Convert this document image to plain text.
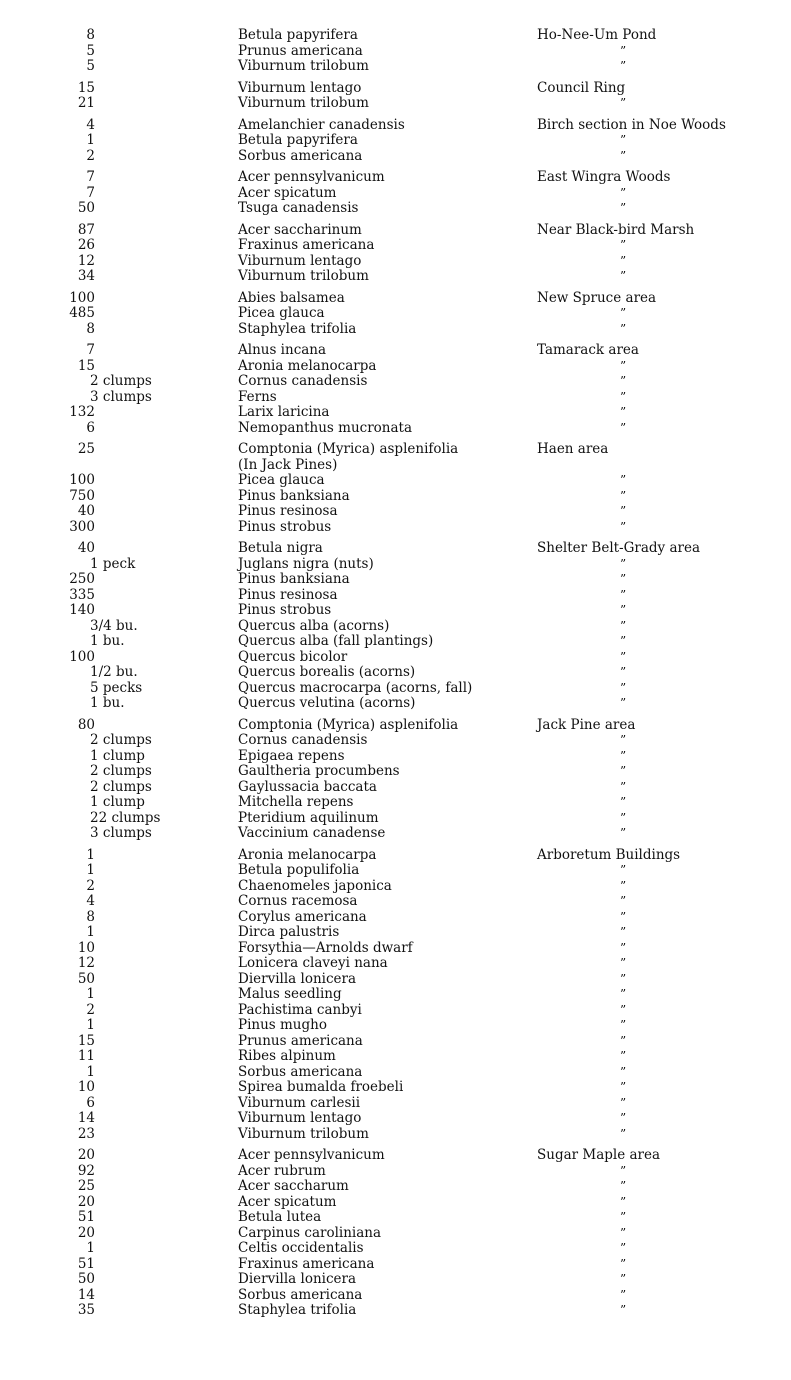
8	Betula papyrifera	Ho-Nee-Um Pond
5	Prunus americana	”
5	Viburnum trilobum	”
15	Viburnum lentago	Council Ring
21	Viburnum trilobum	”
4	Amelanchier canadensis	Birch section in Noe Woods
1	Betula papyrifera	”
2	Sorbus americana	”
7	Acer pennsylvanicum	East Wingra Woods
7	Acer spicatum	”
50	Tsuga canadensis	”
87	Acer saccharinum	Near Black-bird Marsh
26	Fraxinus americana	”
12	Viburnum lentago	”
34	Viburnum trilobum	”
100	Abies balsamea	New Spruce area
485	Picea glauca	”
8	Staphylea trifolia	”
7	Alnus incana	Tamarack area
15	Aronia melanocarpa	”
2 clumps	Cornus canadensis	”
3 clumps	Ferns	”
132	Larix laricina	”
6	Nemopanthus mucronata	”
25	Comptonia (Myrica) asplenifolia	Haen area
(In Jack Pines)
100	Picea glauca	”
750	Pinus banksiana	”
40	Pinus resinosa	”
300	Pinus strobus	”
40	Betula nigra	Shelter Belt-Grady area
1 peck	Juglans nigra (nuts)	”
250	Pinus banksiana	”
335	Pinus resinosa	”
140	Pinus strobus	”
3/4 bu.	Quercus alba (acorns)	”
1 bu.	Quercus alba (fall plantings)	”
100	Quercus bicolor	”
1/2 bu.	Quercus borealis (acorns)	”
5 pecks	Quercus macrocarpa (acorns, fall)	”
1 bu.	Quercus velutina (acorns)	”
80	Comptonia (Myrica) asplenifolia	Jack Pine area
2 clumps	Cornus canadensis	”
1 clump	Epigaea repens	”
2 clumps	Gaultheria procumbens	”
2 clumps	Gaylussacia baccata	”
1 clump	Mitchella repens	”
22 clumps	Pteridium aquilinum	”
3 clumps	Vaccinium canadense	”
1	Aronia melanocarpa	Arboretum Buildings
1	Betula populifolia	”
2	Chaenomeles japonica	”
4	Cornus racemosa	”
8	Corylus americana	”
1	Dirca palustris	”
10	Forsythia—Arnolds dwarf	”
12	Lonicera claveyi nana	”
50	Diervilla lonicera	”
1	Malus seedling	”
2	Pachistima canbyi	”
1	Pinus mugho	”
15	Prunus americana	”
11	Ribes alpinum	”
1	Sorbus americana	”
10	Spirea bumalda froebeli	”
6	Viburnum carlesii	”
14	Viburnum lentago	”
23	Viburnum trilobum	”
20	Acer pennsylvanicum	Sugar Maple area
92	Acer rubrum	”
25	Acer saccharum	”
20	Acer spicatum	”
51	Betula lutea	”
20	Carpinus caroliniana	”
1	Celtis occidentalis	”
51	Fraxinus americana	”
50	Diervilla lonicera	”
14	Sorbus americana	”
35	Staphylea trifolia	”
